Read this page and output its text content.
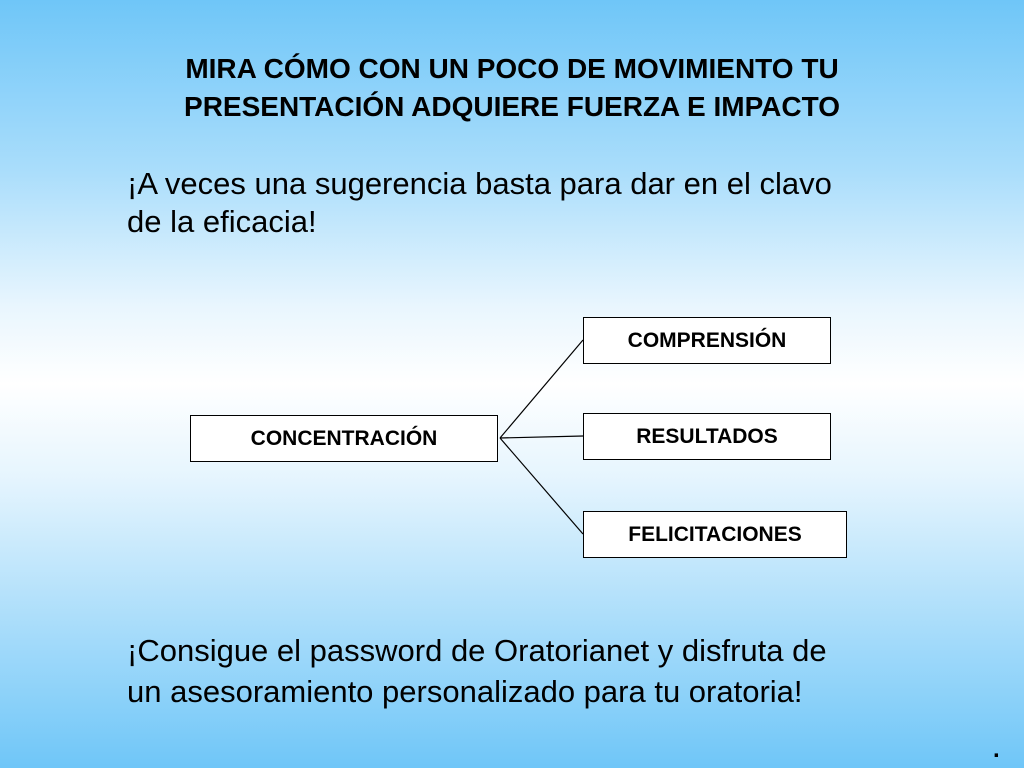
MIRA CÓMO CON UN POCO DE MOVIMIENTO TU
PRESENTACIÓN ADQUIERE FUERZA E IMPACTO
¡A veces una sugerencia basta para dar en el clavo
de la eficacia!
CONCENTRACIÓN
COMPRENSIÓN
RESULTADOS
FELICITACIONES
¡Consigue el password de Oratorianet y disfruta de
un asesoramiento personalizado para tu oratoria!
.
